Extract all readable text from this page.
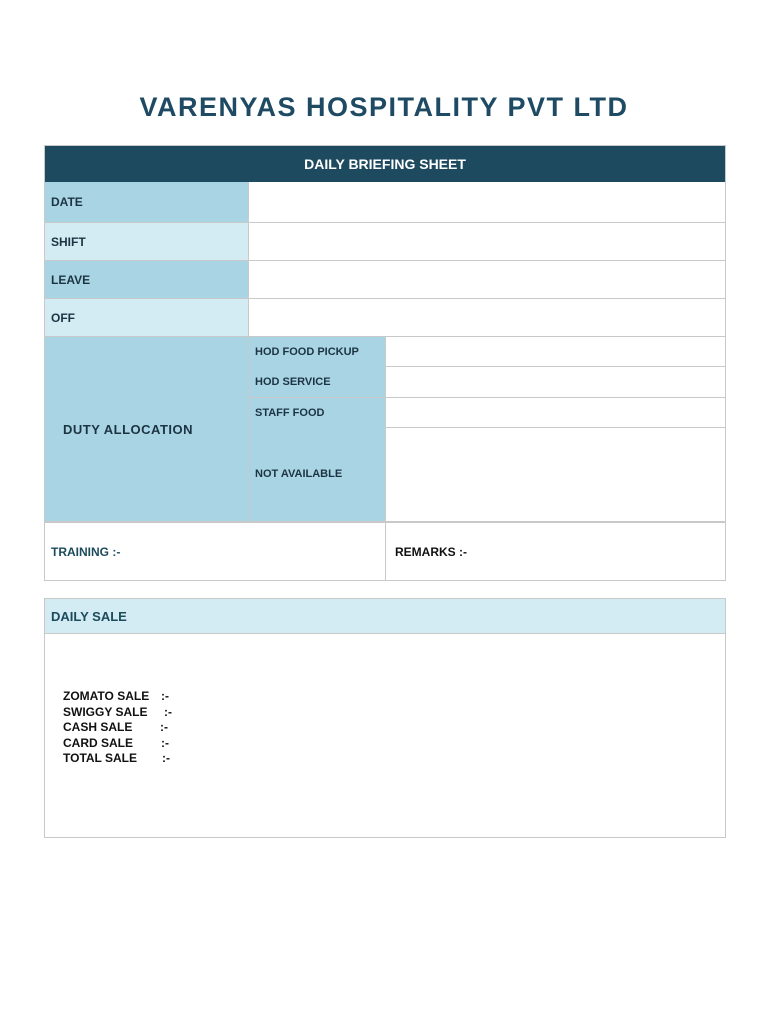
VARENYAS HOSPITALITY PVT LTD
DAILY BRIEFING SHEET
DATE
SHIFT
LEAVE
OFF
DUTY ALLOCATION
HOD FOOD PICKUP
HOD SERVICE
STAFF FOOD
NOT AVAILABLE
TRAINING :-	REMARKS :-
DAILY SALE
ZOMATO SALE :-
SWIGGY SALE	:-
CASH SALE	:-
CARD SALE	:-
TOTAL SALE	:-
